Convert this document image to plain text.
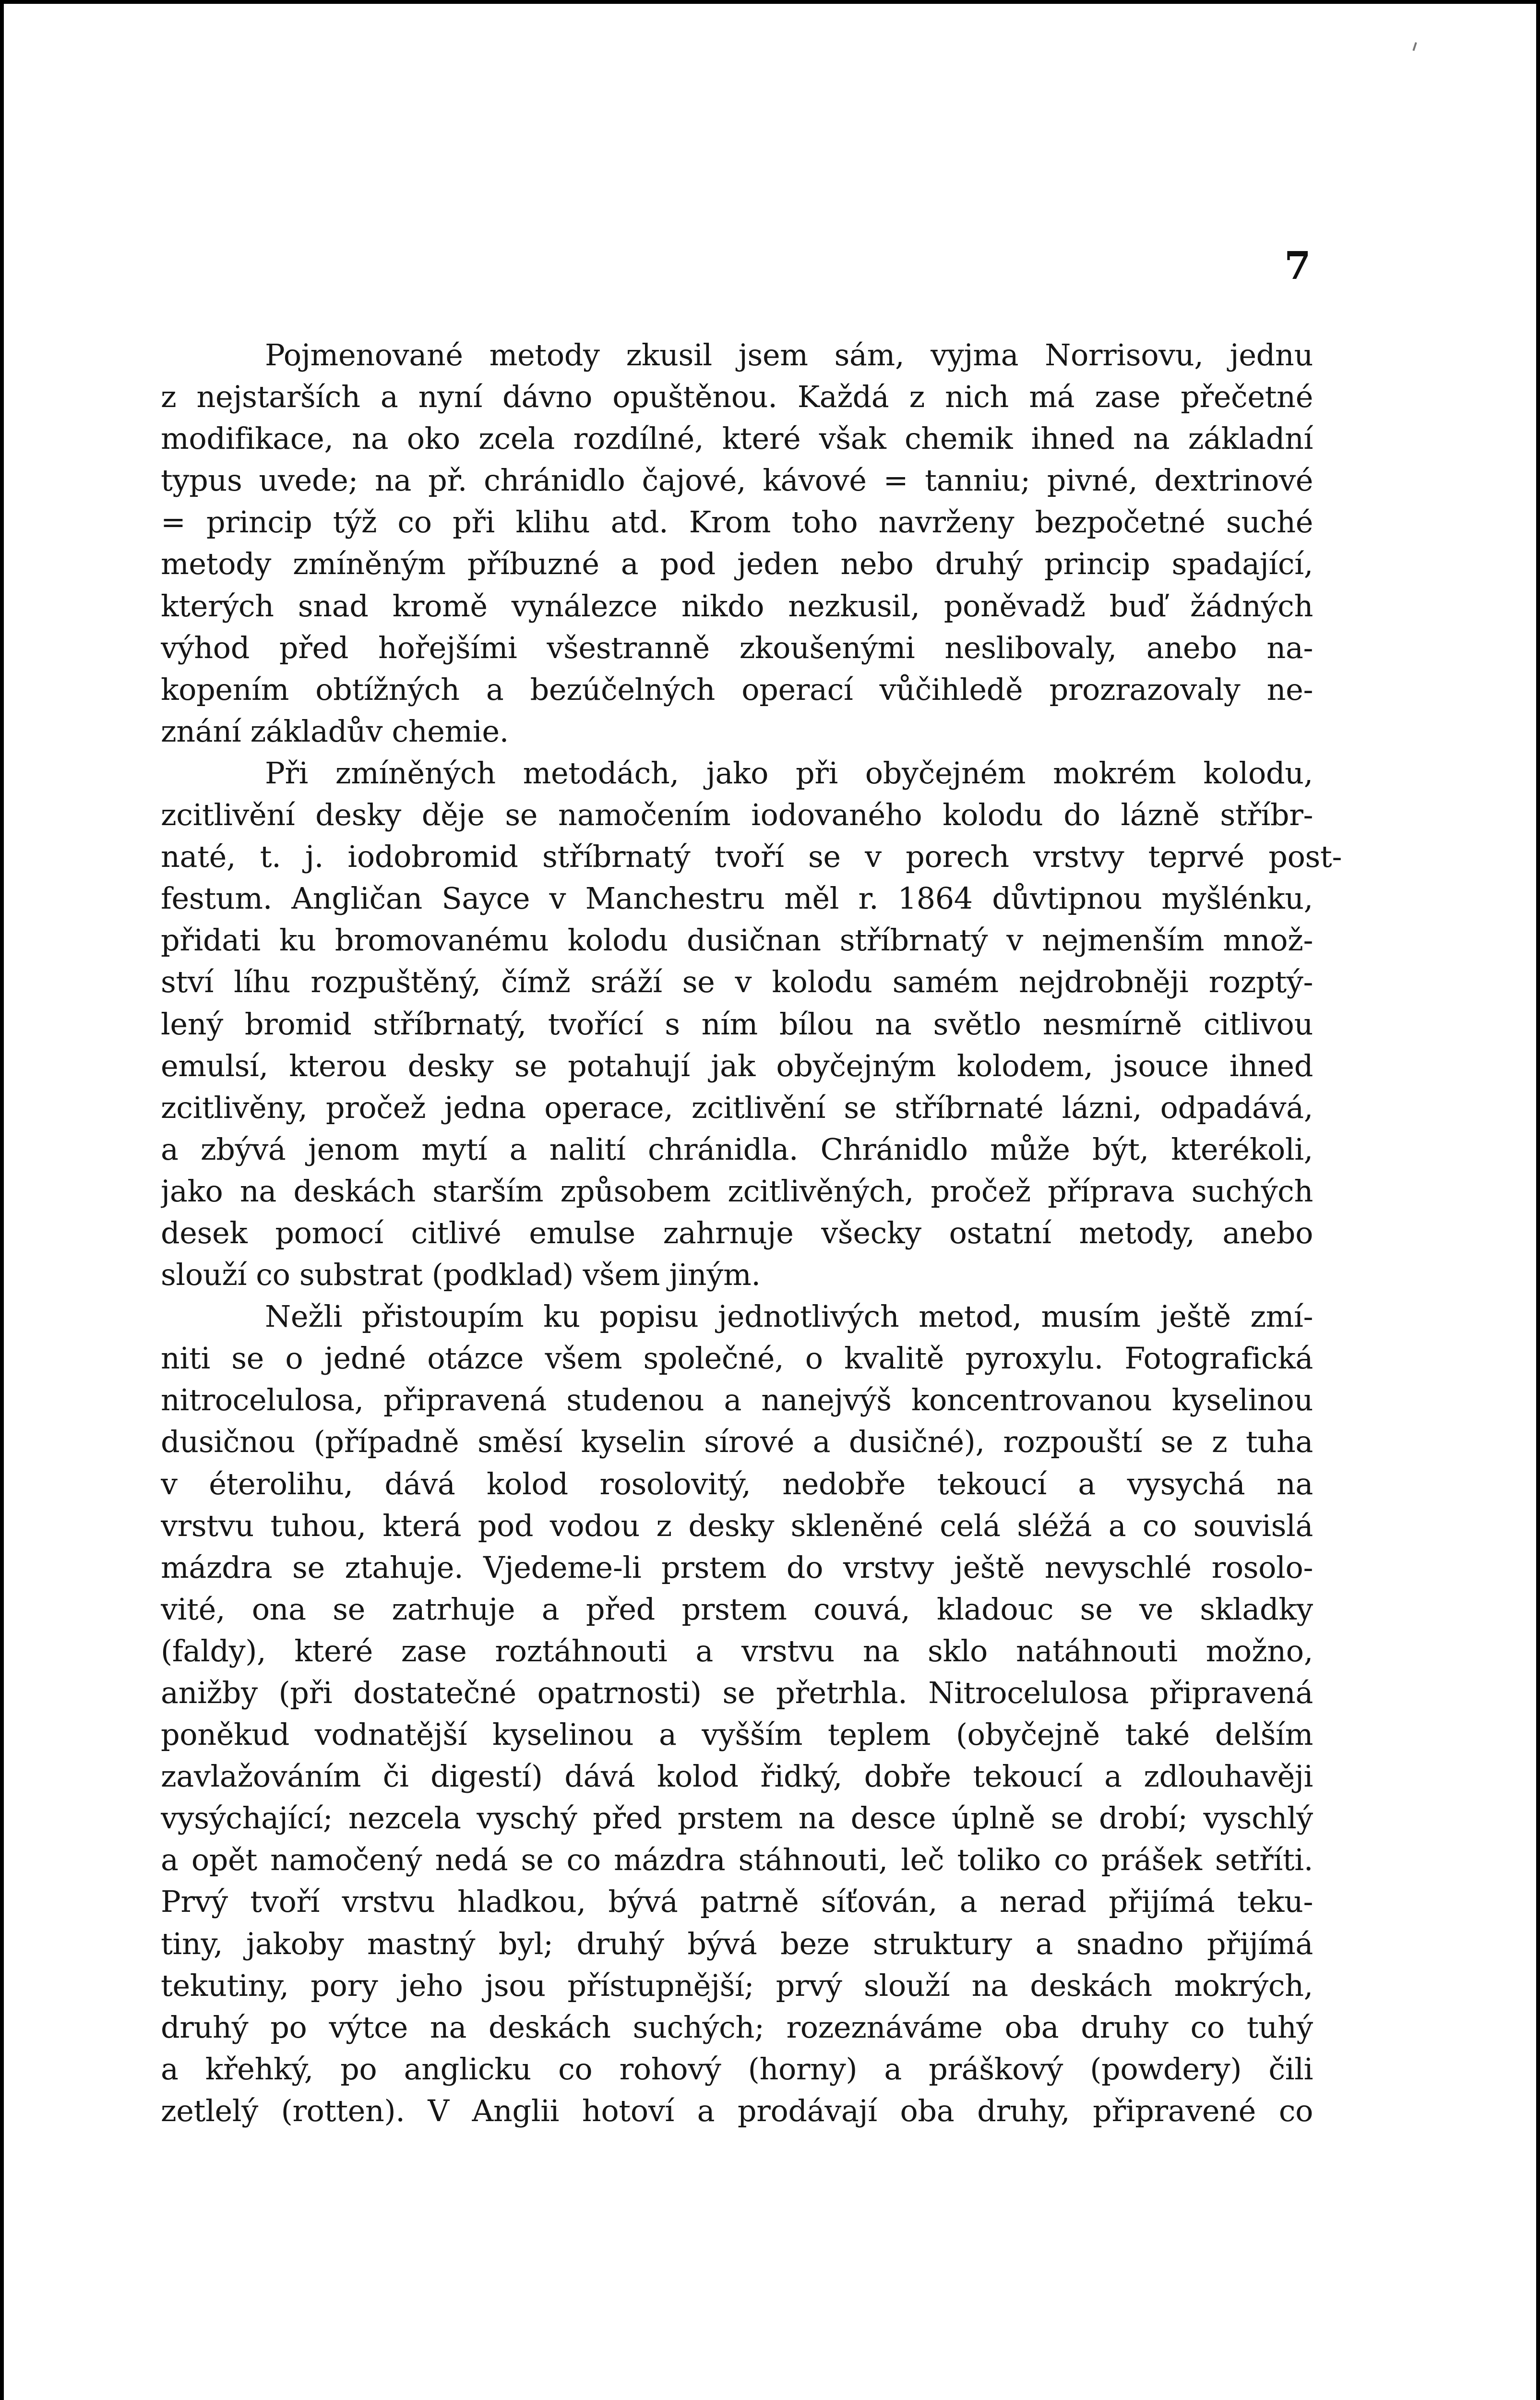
7
Pojmenované metody zkusil jsem sám, vyjma Norrisovu, jednu
z nejstarších a nyní dávno opuštěnou. Každá z nich má zase přečetné
modifikace, na oko zcela rozdílné, které však chemik ihned na základní
typus uvede; na př. chránidlo čajové, kávové = tanniu; pivné, dextrinové
= princip týž co při klihu atd. Krom toho navrženy bezpočetné suché
metody zmíněným příbuzné a pod jeden nebo druhý princip spadající,
kterých snad kromě vynálezce nikdo nezkusil, poněvadž buď žádných
výhod před hořejšími všestranně zkoušenými neslibovaly, anebo na-
kopením obtížných a bezúčelných operací vůčihledě prozrazovaly ne-
znání základův chemie.
Při zmíněných metodách, jako při obyčejném mokrém kolodu,
zcitlivění desky děje se namočením iodovaného kolodu do lázně stříbr-
naté, t. j. iodobromid stříbrnatý tvoří se v porech vrstvy teprvé post-
festum. Angličan Sayce v Manchestru měl r. 1864 důvtipnou myšlénku,
přidati ku bromovanému kolodu dusičnan stříbrnatý v nejmenším množ-
ství líhu rozpuštěný, čímž sráží se v kolodu samém nejdrobněji rozptý-
lený bromid stříbrnatý, tvořící s ním bílou na světlo nesmírně citlivou
emulsí, kterou desky se potahují jak obyčejným kolodem, jsouce ihned
zcitlivěny, pročež jedna operace, zcitlivění se stříbrnaté lázni, odpadává,
a zbývá jenom mytí a nalití chránidla. Chránidlo může být, kterékoli,
jako na deskách starším způsobem zcitlivěných, pročež příprava suchých
desek pomocí citlivé emulse zahrnuje všecky ostatní metody, anebo
slouží co substrat (podklad) všem jiným.
Nežli přistoupím ku popisu jednotlivých metod, musím ještě zmí-
niti se o jedné otázce všem společné, o kvalitě pyroxylu. Fotografická
nitrocelulosa, připravená studenou a nanejvýš koncentrovanou kyselinou
dusičnou (případně směsí kyselin sírové a dusičné), rozpouští se z tuha
v éterolihu, dává kolod rosolovitý, nedobře tekoucí a vysychá na
vrstvu tuhou, která pod vodou z desky skleněné celá sléžá a co souvislá
mázdra se ztahuje. Vjedeme-li prstem do vrstvy ještě nevyschlé rosolo-
vité, ona se zatrhuje a před prstem couvá, kladouc se ve skladky
(faldy), které zase roztáhnouti a vrstvu na sklo natáhnouti možno,
anižby (při dostatečné opatrnosti) se přetrhla. Nitrocelulosa připravená
poněkud vodnatější kyselinou a vyšším teplem (obyčejně také delším
zavlažováním či digestí) dává kolod řidký, dobře tekoucí a zdlouhavěji
vysýchající; nezcela vyschý před prstem na desce úplně se drobí; vyschlý
a opět namočený nedá se co mázdra stáhnouti, leč toliko co prášek setříti.
Prvý tvoří vrstvu hladkou, bývá patrně síťován, a nerad přijímá teku-
tiny, jakoby mastný byl; druhý bývá beze struktury a snadno přijímá
tekutiny, pory jeho jsou přístupnější; prvý slouží na deskách mokrých,
druhý po výtce na deskách suchých; rozeznáváme oba druhy co tuhý
a křehký, po anglicku co rohový (horny) a práškový (powdery) čili
zetlelý (rotten). V Anglii hotoví a prodávají oba druhy, připravené co
